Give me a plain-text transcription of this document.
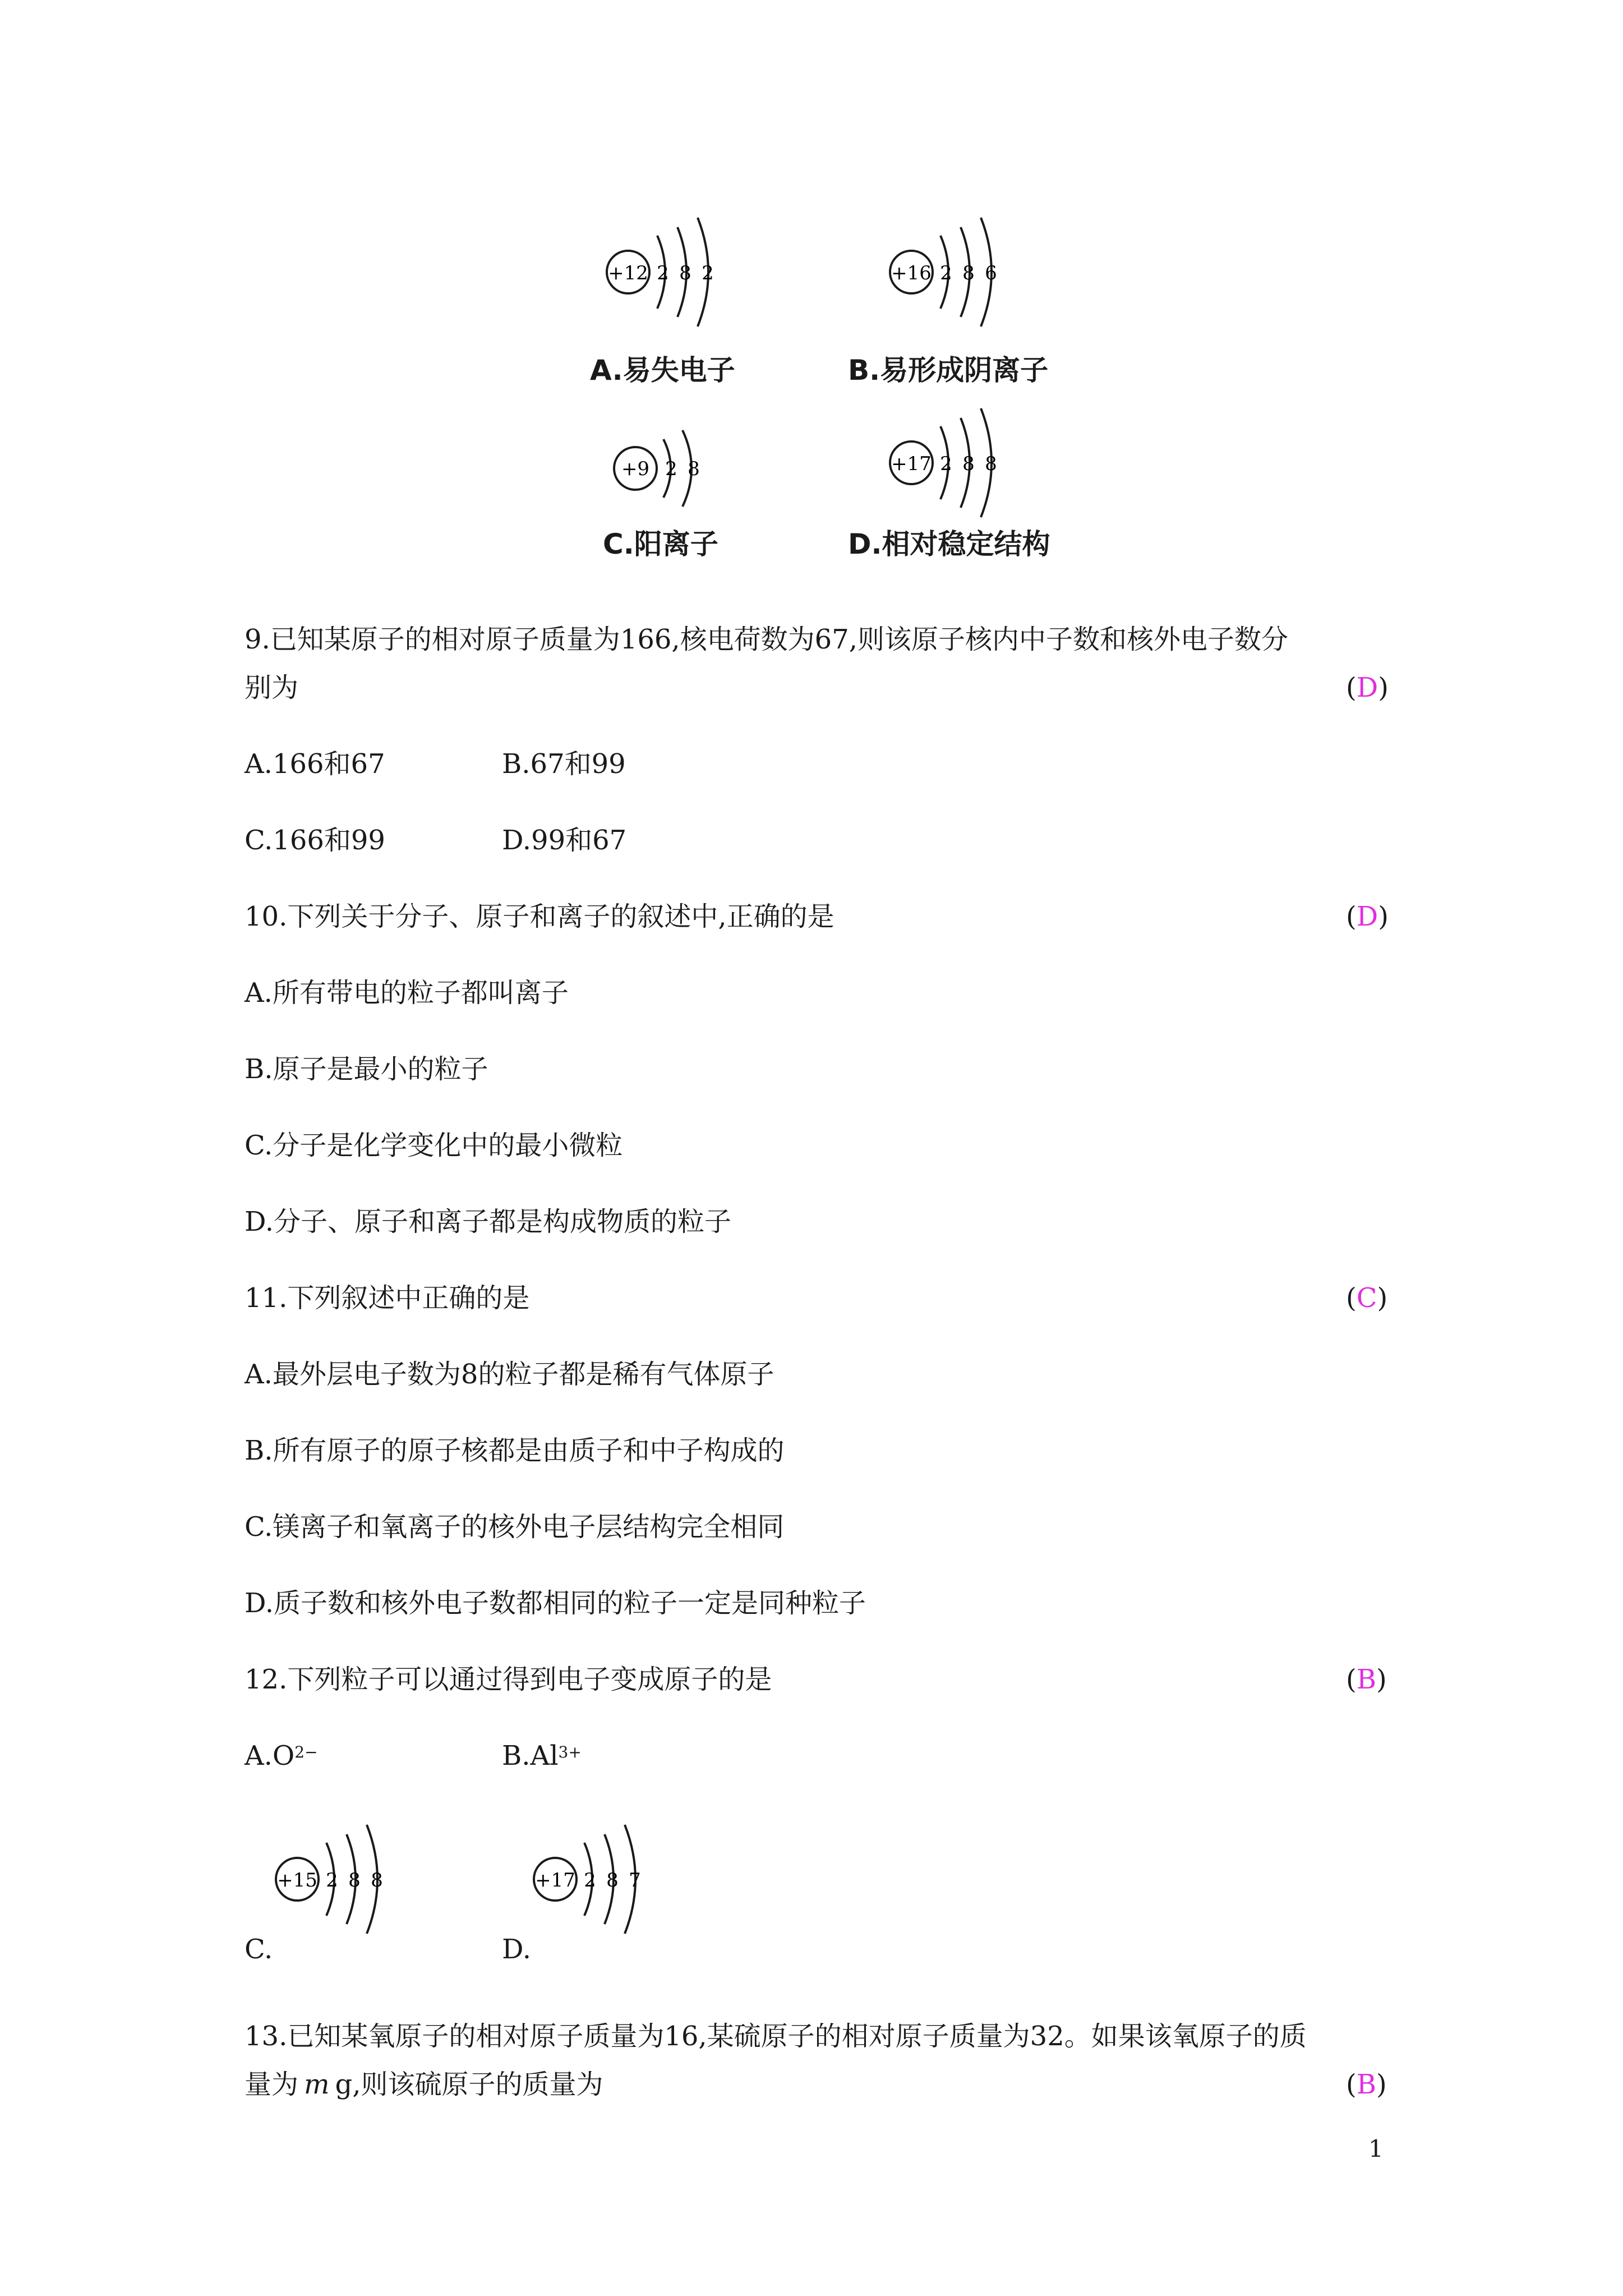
+12 2 8 2
A.易失电子
+16 2 8 6
B.易形成阴离子
+9 2 8
C.阳离子
+17 2 8 8
D.相对稳定结构
9.已知某原子的相对原子质量为166,核电荷数为67,则该原子核内中子数和核外电子数分
别为	(D)
A.166和67	B.67和99
C.166和99	D.99和67
10.下列关于分子、原子和离子的叙述中,正确的是	(D)
A.所有带电的粒子都叫离子
B.原子是最小的粒子
C.分子是化学变化中的最小微粒
D.分子、原子和离子都是构成物质的粒子
11.下列叙述中正确的是	(C)
A.最外层电子数为8的粒子都是稀有气体原子
B.所有原子的原子核都是由质子和中子构成的
C.镁离子和氧离子的核外电子层结构完全相同
D.质子数和核外电子数都相同的粒子一定是同种粒子
12.下列粒子可以通过得到电子变成原子的是	(B)
$A.O^{2-}$	$B.Al^{3+}$
+15 2 8 8
C.
+17 2 8 7
D.
13.已知某氧原子的相对原子质量为16,某硫原子的相对原子质量为32。如果该氧原子的质
量为 m g,则该硫原子的质量为	(B)
1
